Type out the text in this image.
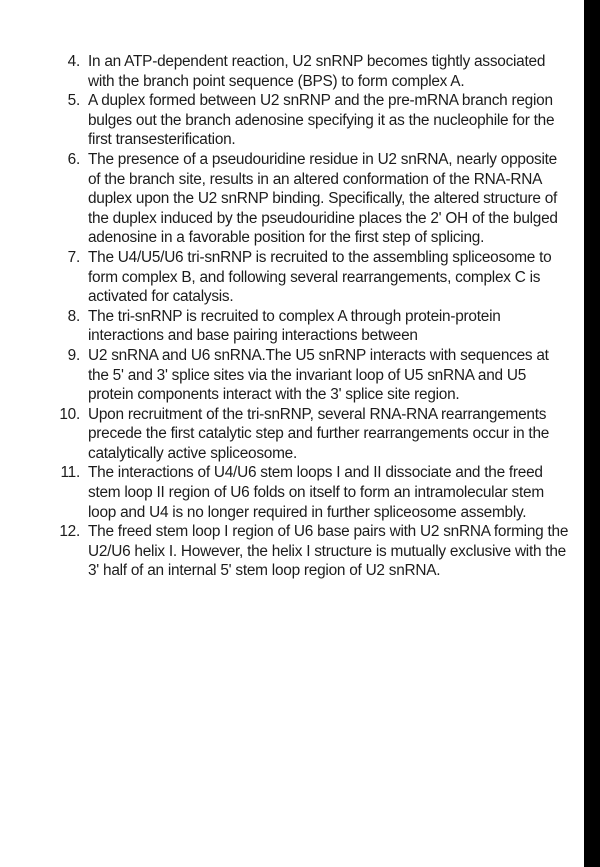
4. In an ATP-dependent reaction, U2 snRNP becomes tightly associated with the branch point sequence (BPS) to form complex A.
5. A duplex formed between U2 snRNP and the pre-mRNA branch region bulges out the branch adenosine specifying it as the nucleophile for the first transesterification.
6. The presence of a pseudouridine residue in U2 snRNA, nearly opposite of the branch site, results in an altered conformation of the RNA-RNA duplex upon the U2 snRNP binding. Specifically, the altered structure of the duplex induced by the pseudouridine places the 2' OH of the bulged adenosine in a favorable position for the first step of splicing.
7. The U4/U5/U6 tri-snRNP is recruited to the assembling spliceosome to form complex B, and following several rearrangements, complex C is activated for catalysis.
8. The tri-snRNP is recruited to complex A through protein-protein interactions and base pairing interactions between
9. U2 snRNA and U6 snRNA.The U5 snRNP interacts with sequences at the 5' and 3' splice sites via the invariant loop of U5 snRNA and U5 protein components interact with the 3' splice site region.
10. Upon recruitment of the tri-snRNP, several RNA-RNA rearrangements precede the first catalytic step and further rearrangements occur in the catalytically active spliceosome.
11. The interactions of U4/U6 stem loops I and II dissociate and the freed stem loop II region of U6 folds on itself to form an intramolecular stem loop and U4 is no longer required in further spliceosome assembly.
12. The freed stem loop I region of U6 base pairs with U2 snRNA forming the U2/U6 helix I. However, the helix I structure is mutually exclusive with the 3' half of an internal 5' stem loop region of U2 snRNA.
